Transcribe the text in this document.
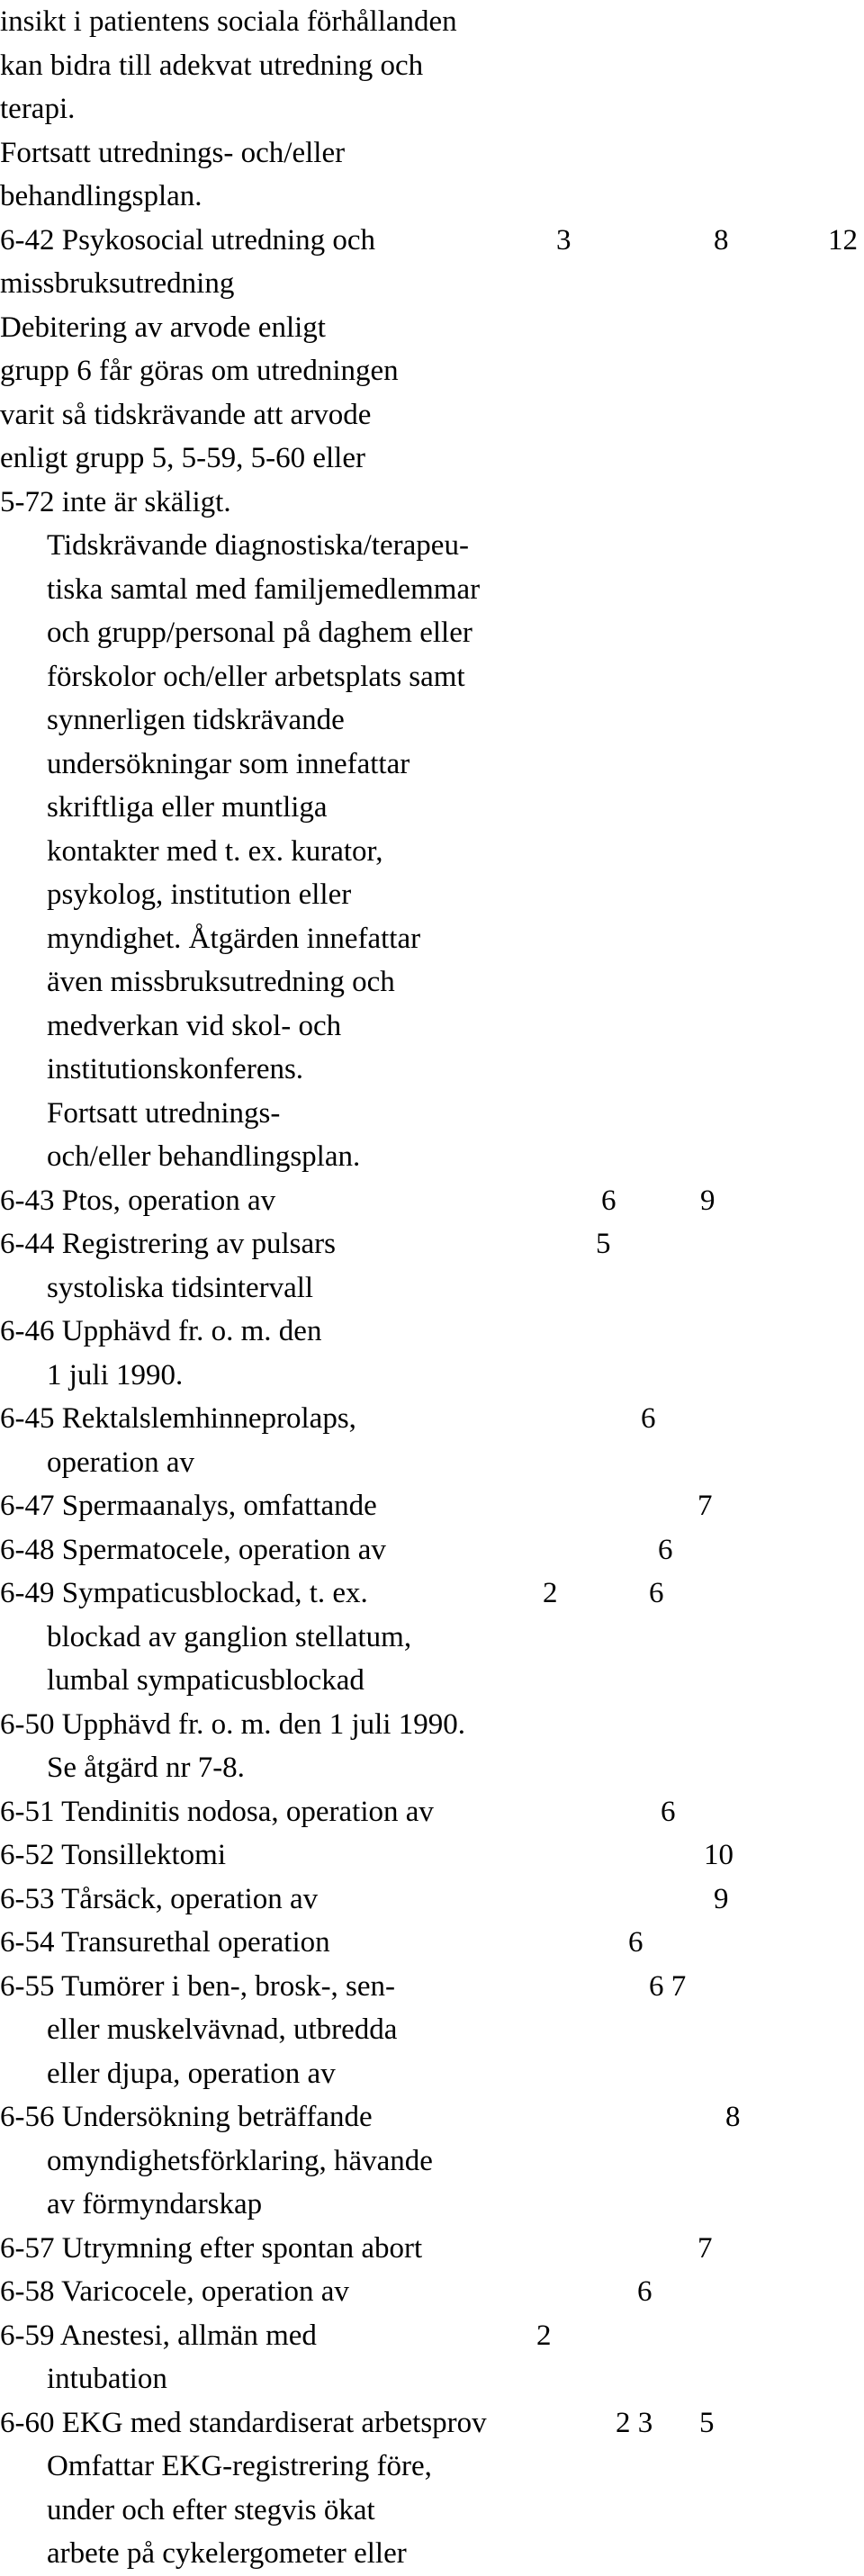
insikt i patientens sociala förhållanden
kan bidra till adekvat utredning och
terapi.
Fortsatt utrednings- och/eller
behandlingsplan.
6-42 Psykosocial utredning och	3	8	12
missbruksutredning
Debitering av arvode enligt
grupp 6 får göras om utredningen
varit så tidskrävande att arvode
enligt grupp 5, 5-59, 5-60 eller
5-72 inte är skäligt.
Tidskrävande diagnostiska/terapeu-
tiska samtal med familjemedlemmar
och grupp/personal på daghem eller
förskolor och/eller arbetsplats samt
synnerligen tidskrävande
undersökningar som innefattar
skriftliga eller muntliga
kontakter med t. ex. kurator,
psykolog, institution eller
myndighet. Åtgärden innefattar
även missbruksutredning och
medverkan vid skol- och
institutionskonferens.
Fortsatt utrednings-
och/eller behandlingsplan.
6-43 Ptos, operation av	6	9
6-44 Registrering av pulsars	5
systoliska tidsintervall
6-46 Upphävd fr. o. m. den
1 juli 1990.
6-45 Rektalslemhinneprolaps,	6
operation av
6-47 Spermaanalys, omfattande	7
6-48 Spermatocele, operation av	6
6-49 Sympaticusblockad, t. ex.	2	6
blockad av ganglion stellatum,
lumbal sympaticusblockad
6-50 Upphävd fr. o. m. den 1 juli 1990.
Se åtgärd nr 7-8.
6-51 Tendinitis nodosa, operation av	6
6-52 Tonsillektomi	10
6-53 Tårsäck, operation av	9
6-54 Transurethal operation	6
6-55 Tumörer i ben-, brosk-, sen-	6 7
eller muskelvävnad, utbredda
eller djupa, operation av
6-56 Undersökning beträffande	8
omyndighetsförklaring, hävande
av förmyndarskap
6-57 Utrymning efter spontan abort	7
6-58 Varicocele, operation av	6
6-59 Anestesi, allmän med	2
intubation
6-60 EKG med standardiserat arbetsprov	2 3 5
Omfattar EKG-registrering före,
under och efter stegvis ökat
arbete på cykelergometer eller
